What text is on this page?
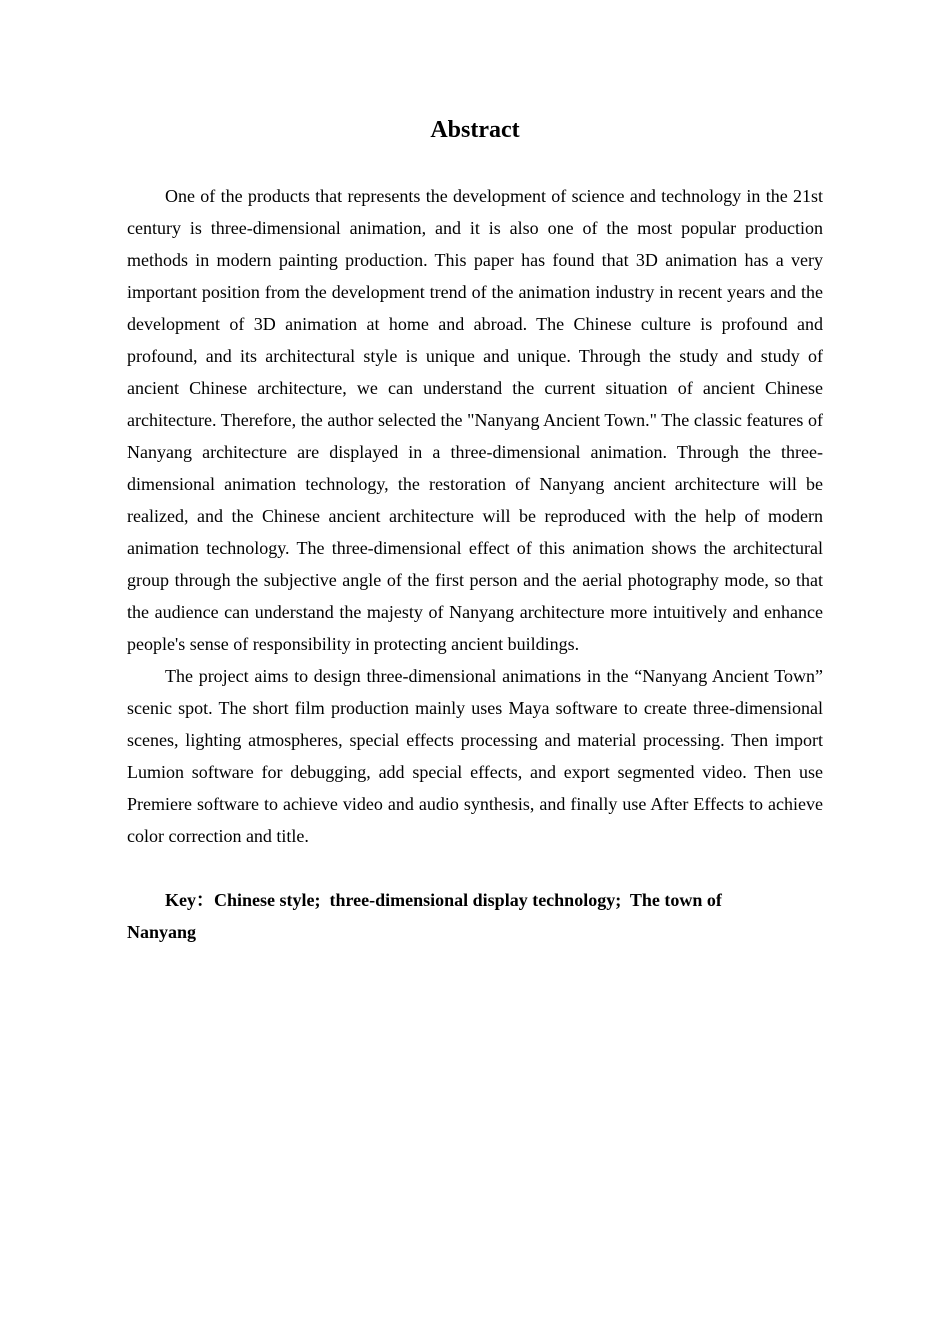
Abstract

One of the products that represents the development of science and technology in the 21st century is three-dimensional animation, and it is also one of the most popular production methods in modern painting production. This paper has found that 3D animation has a very important position from the development trend of the animation industry in recent years and the development of 3D animation at home and abroad. The Chinese culture is profound and profound, and its architectural style is unique and unique. Through the study and study of ancient Chinese architecture, we can understand the current situation of ancient Chinese architecture. Therefore, the author selected the "Nanyang Ancient Town." The classic features of Nanyang architecture are displayed in a three-dimensional animation. Through the three-dimensional animation technology, the restoration of Nanyang ancient architecture will be realized, and the Chinese ancient architecture will be reproduced with the help of modern animation technology. The three-dimensional effect of this animation shows the architectural group through the subjective angle of the first person and the aerial photography mode, so that the audience can understand the majesty of Nanyang architecture more intuitively and enhance people's sense of responsibility in protecting ancient buildings.

The project aims to design three-dimensional animations in the “Nanyang Ancient Town” scenic spot. The short film production mainly uses Maya software to create three-dimensional scenes, lighting atmospheres, special effects processing and material processing. Then import Lumion software for debugging, add special effects, and export segmented video. Then use Premiere software to achieve video and audio synthesis, and finally use After Effects to achieve color correction and title.

Key：Chinese style;  three-dimensional display technology;  The town of Nanyang
